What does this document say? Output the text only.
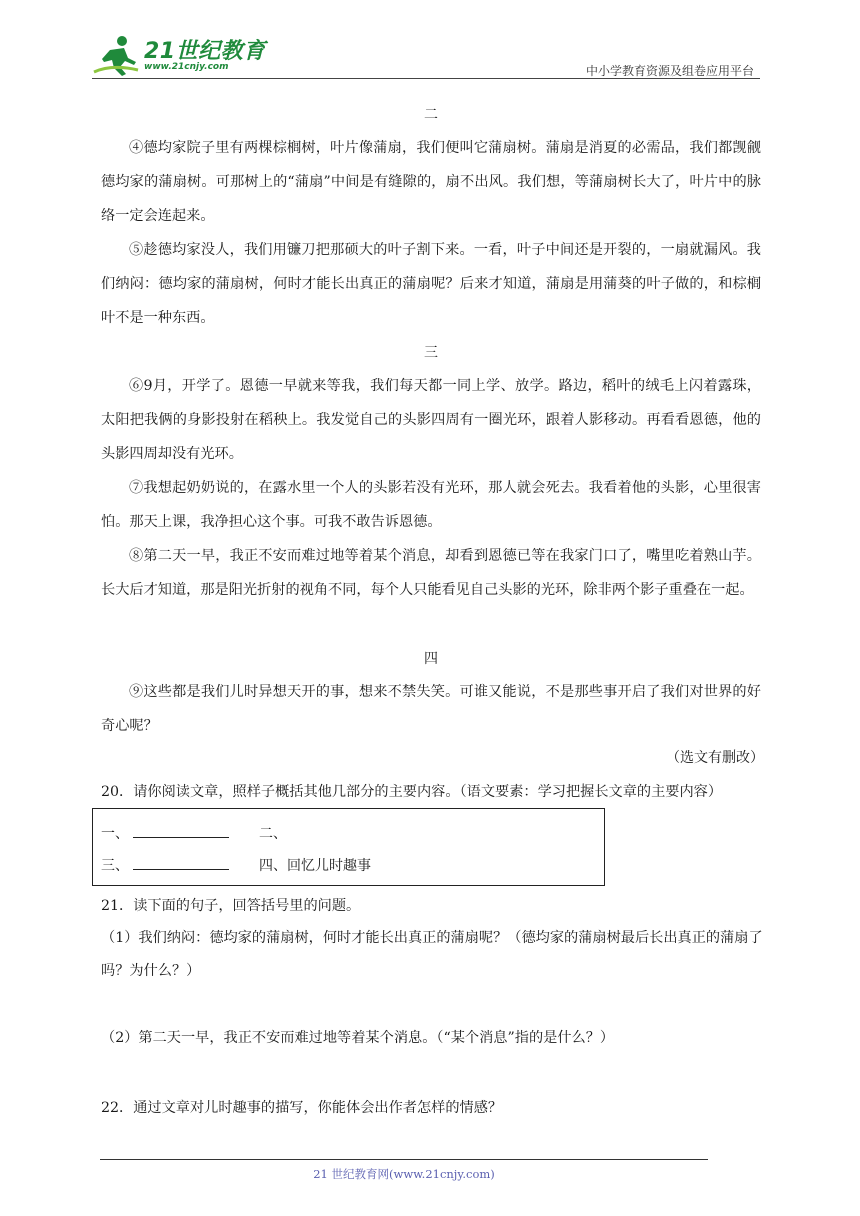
21世纪教育
www.21cnjy.com	中小学教育资源及组卷应用平台
二

④德均家院子里有两棵棕榈树，叶片像蒲扇，我们便叫它蒲扇树。蒲扇是消夏的必需品，我们都觊觎德均家的蒲扇树。可那树上的“蒲扇”中间是有缝隙的，扇不出风。我们想，等蒲扇树长大了，叶片中的脉络一定会连起来。

⑤趁德均家没人，我们用镰刀把那硕大的叶子割下来。一看，叶子中间还是开裂的，一扇就漏风。我们纳闷：德均家的蒲扇树，何时才能长出真正的蒲扇呢？后来才知道，蒲扇是用蒲葵的叶子做的，和棕榈叶不是一种东西。

三

⑥9月，开学了。恩德一早就来等我，我们每天都一同上学、放学。路边，稻叶的绒毛上闪着露珠，太阳把我俩的身影投射在稻秧上。我发觉自己的头影四周有一圈光环，跟着人影移动。再看看恩德，他的头影四周却没有光环。

⑦我想起奶奶说的，在露水里一个人的头影若没有光环，那人就会死去。我看着他的头影，心里很害怕。那天上课，我净担心这个事。可我不敢告诉恩德。

⑧第二天一早，我正不安而难过地等着某个消息，却看到恩德已等在我家门口了，嘴里吃着熟山芋。长大后才知道，那是阳光折射的视角不同，每个人只能看见自己头影的光环，除非两个影子重叠在一起。

四

⑨这些都是我们儿时异想天开的事，想来不禁失笑。可谁又能说，不是那些事开启了我们对世界的好奇心呢？

（选文有删改）

20．请你阅读文章，照样子概括其他几部分的主要内容。（语文要素：学习把握长文章的主要内容）

一、	二、
三、	四、回忆儿时趣事

21．读下面的句子，回答括号里的问题。

（1）我们纳闷：德均家的蒲扇树，何时才能长出真正的蒲扇呢？（德均家的蒲扇树最后长出真正的蒲扇了吗？为什么？）

（2）第二天一早，我正不安而难过地等着某 •个 •消 •息 •。（“某个消息”指的是什么？）

22．通过文章对儿时趣事的描写，你能体会出作者怎样的情感？

21 世纪教育网(www.21cnjy.com)
